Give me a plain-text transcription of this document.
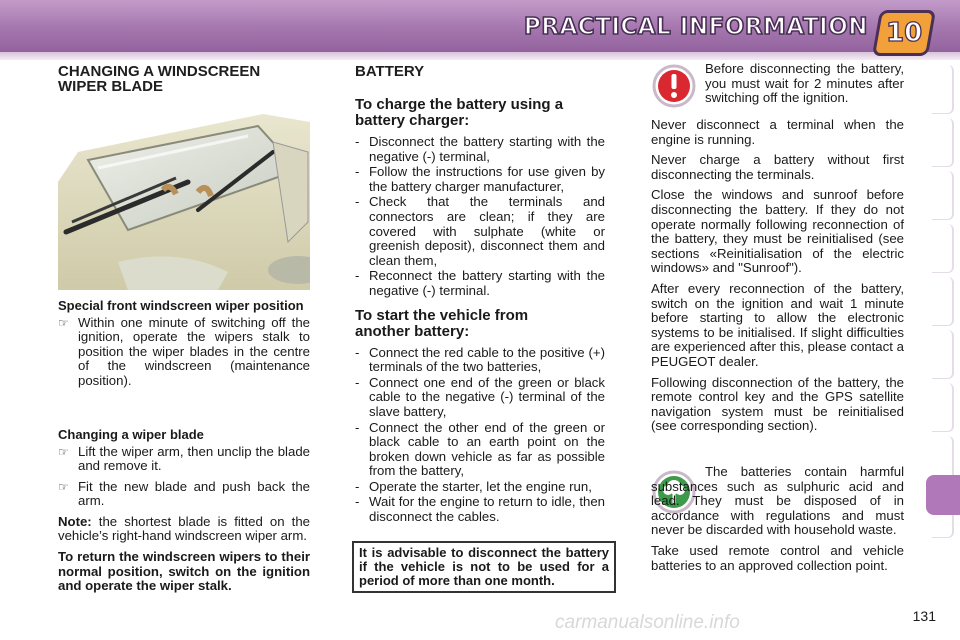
PRACTICAL INFORMATION 10
CHANGING A WINDSCREEN WIPER BLADE
Special front windscreen wiper position
☞ Within one minute of switching off the ignition, operate the wipers stalk to position the wiper blades in the centre of the windscreen (maintenance position).
Changing a wiper blade
☞ Lift the wiper arm, then unclip the blade and remove it.
☞ Fit the new blade and push back the arm.

Note: the shortest blade is fitted on the vehicle’s right-hand windscreen wiper arm.

To return the windscreen wipers to their normal position, switch on the ignition and operate the wiper stalk.

BATTERY
To charge the battery using a battery charger:
- Disconnect the battery starting with the negative (-) terminal,
- Follow the instructions for use given by the battery charger manufacturer,
- Check that the terminals and connectors are clean; if they are covered with sulphate (white or greenish deposit), disconnect them and clean them,
- Reconnect the battery starting with the negative (-) terminal.
To start the vehicle from another battery:
- Connect the red cable to the positive (+) terminals of the two batteries,
- Connect one end of the green or black cable to the negative (-) terminal of the slave battery,
- Connect the other end of the green or black cable to an earth point on the broken down vehicle as far as possible from the battery,
- Operate the starter, let the engine run,
- Wait for the engine to return to idle, then disconnect the cables.
It is advisable to disconnect the battery if the vehicle is not to be used for a period of more than one month.

Before disconnecting the battery, you must wait for 2 minutes after switching off the ignition.

Never disconnect a terminal when the engine is running.

Never charge a battery without first disconnecting the terminals.

Close the windows and sunroof before disconnecting the battery. If they do not operate normally following reconnection of the battery, they must be reinitialised (see sections «Reinitialisation of the electric windows» and "Sunroof").

After every reconnection of the battery, switch on the ignition and wait 1 minute before starting to allow the electronic systems to be initialised. If slight difficulties are experienced after this, please contact a PEUGEOT dealer.

Following disconnection of the battery, the remote control key and the GPS satellite navigation system must be reinitialised (see corresponding section).

The batteries contain harmful substances such as sulphuric acid and lead. They must be disposed of in accordance with regulations and must never be discarded with household waste.

Take used remote control and vehicle batteries to an approved collection point.

carmanualsonline.info	131
